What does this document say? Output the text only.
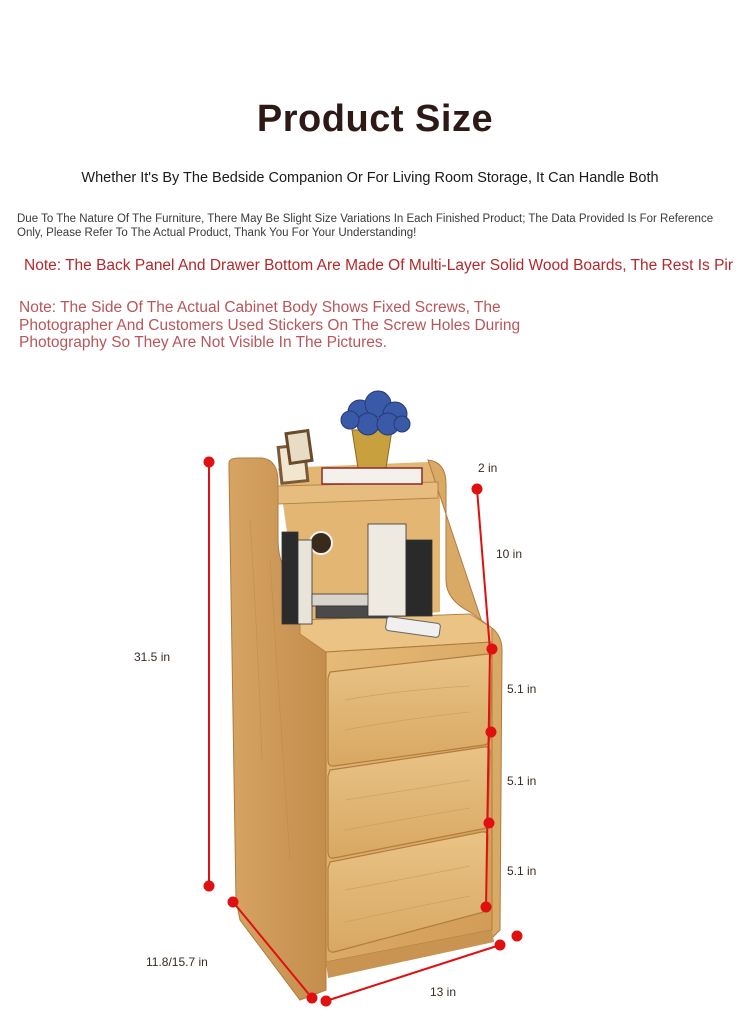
Product Size
Whether It's By The Bedside Companion Or For Living Room Storage, It Can Handle Both
Due To The Nature Of The Furniture, There May Be Slight Size Variations In Each Finished Product; The Data Provided Is For Reference Only, Please Refer To The Actual Product, Thank You For Your Understanding!
Note: The Back Panel And Drawer Bottom Are Made Of Multi-Layer Solid Wood Boards, The Rest Is Pir
Note: The Side Of The Actual Cabinet Body Shows Fixed Screws, The Photographer And Customers Used Stickers On The Screw Holes During Photography So They Are Not Visible In The Pictures.
31.5 in
2 in
10 in
5.1 in
5.1 in
5.1 in
11.8/15.7 in
13 in
